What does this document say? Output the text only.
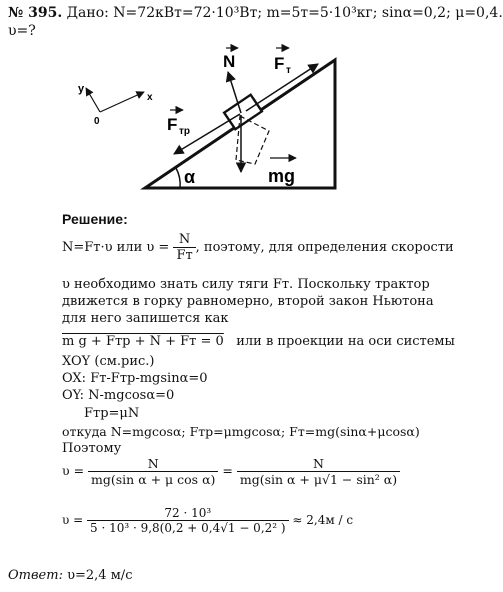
№ 395. Дано: N=72кВт=72·10³Вт; m=5т=5·10³кг; sinα=0,2; μ=0,4.
υ=?
y
x
0
α
N F т
F тр
mg
Решение:
N=Fт·υ или $\upsilon = \frac{N}{Fт}$ , поэтому, для определения скорости
υ необходимо знать силу тяги Fт. Поскольку трактор
движется в горку равномерно, второй закон Ньютона
для него запишется как
m g + Fтр + N + Fт = 0 или в проекции на оси системы
XOY (см.рис.)
OX: Fт-Fтр-mgsinα=0
OY: N-mgcosα=0
Fтр=μN
откуда N=mgcosα; Fтр=μmgcosα; Fт=mg(sinα+μcosα)
Поэтому
$\upsilon = \frac{N}{\text{mg(sin α + μ cos α)}} = \frac{N}{\text{mg(sin α + μ√1 − sin² α)}}$
$\upsilon = \frac{\text{72 · 10³}}{\text{5 · 10³ · 9,8(0,2 + 0,4√1 − 0,2² )}} \approx 2,4м / с$
Ответ: υ=2,4 м/с
